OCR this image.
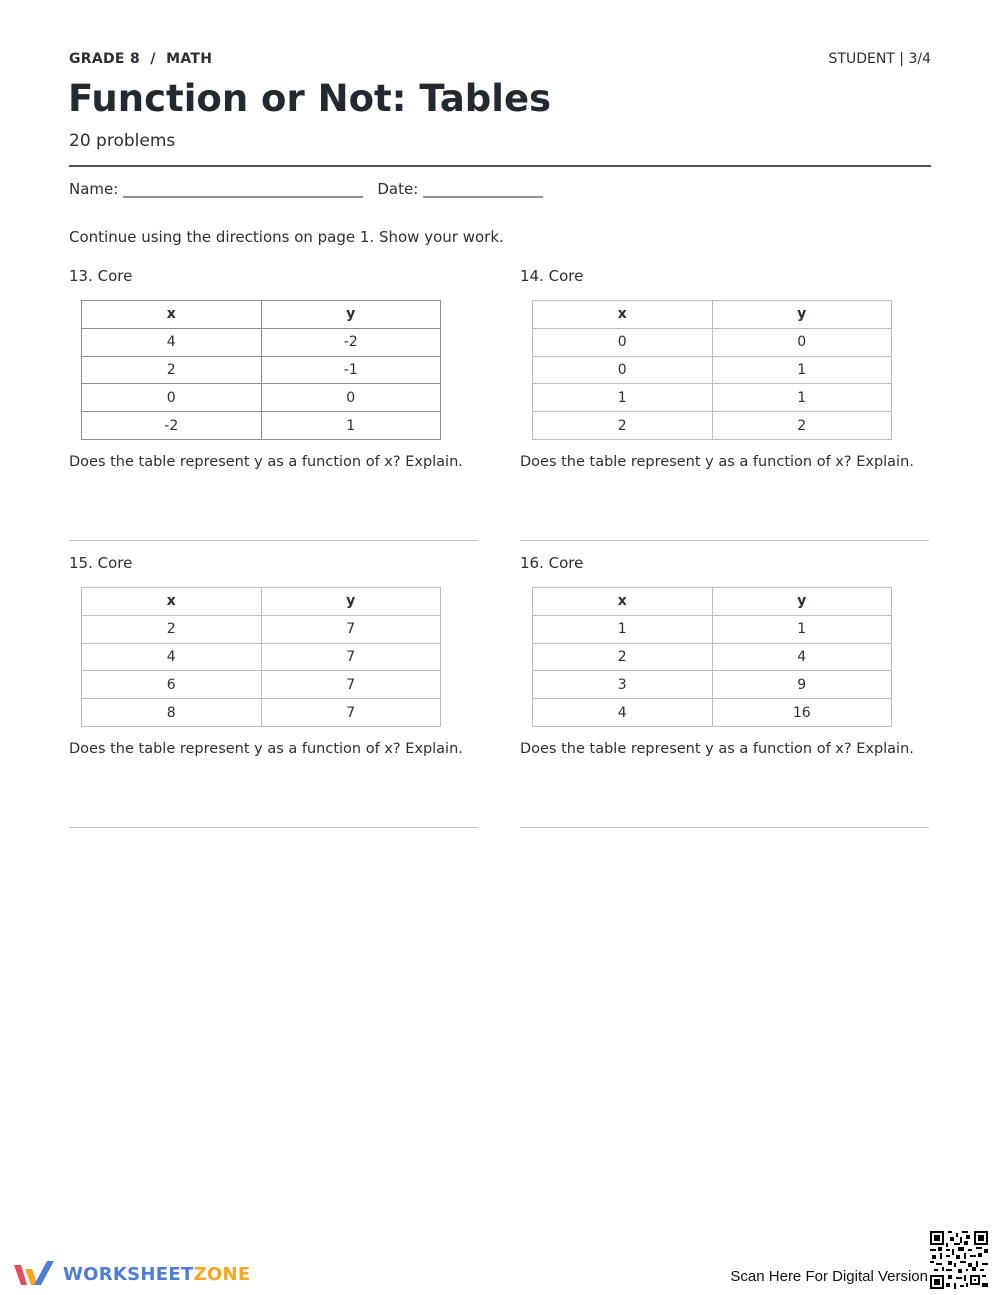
GRADE 8 / MATH	STUDENT | 3/4
Function or Not: Tables
20 problems
Name: ________________________________   Date: ________________
Continue using the directions on page 1. Show your work.
13. Core
x	y
4	-2
2	-1
0	0
-2	1
Does the table represent y as a function of x? Explain.
14. Core
x	y
0	0
0	1
1	1
2	2
Does the table represent y as a function of x? Explain.
15. Core
x	y
2	7
4	7
6	7
8	7
Does the table represent y as a function of x? Explain.
16. Core
x	y
1	1
2	4
3	9
4	16
Does the table represent y as a function of x? Explain.
WORKSHEETZONE	Scan Here For Digital Version
